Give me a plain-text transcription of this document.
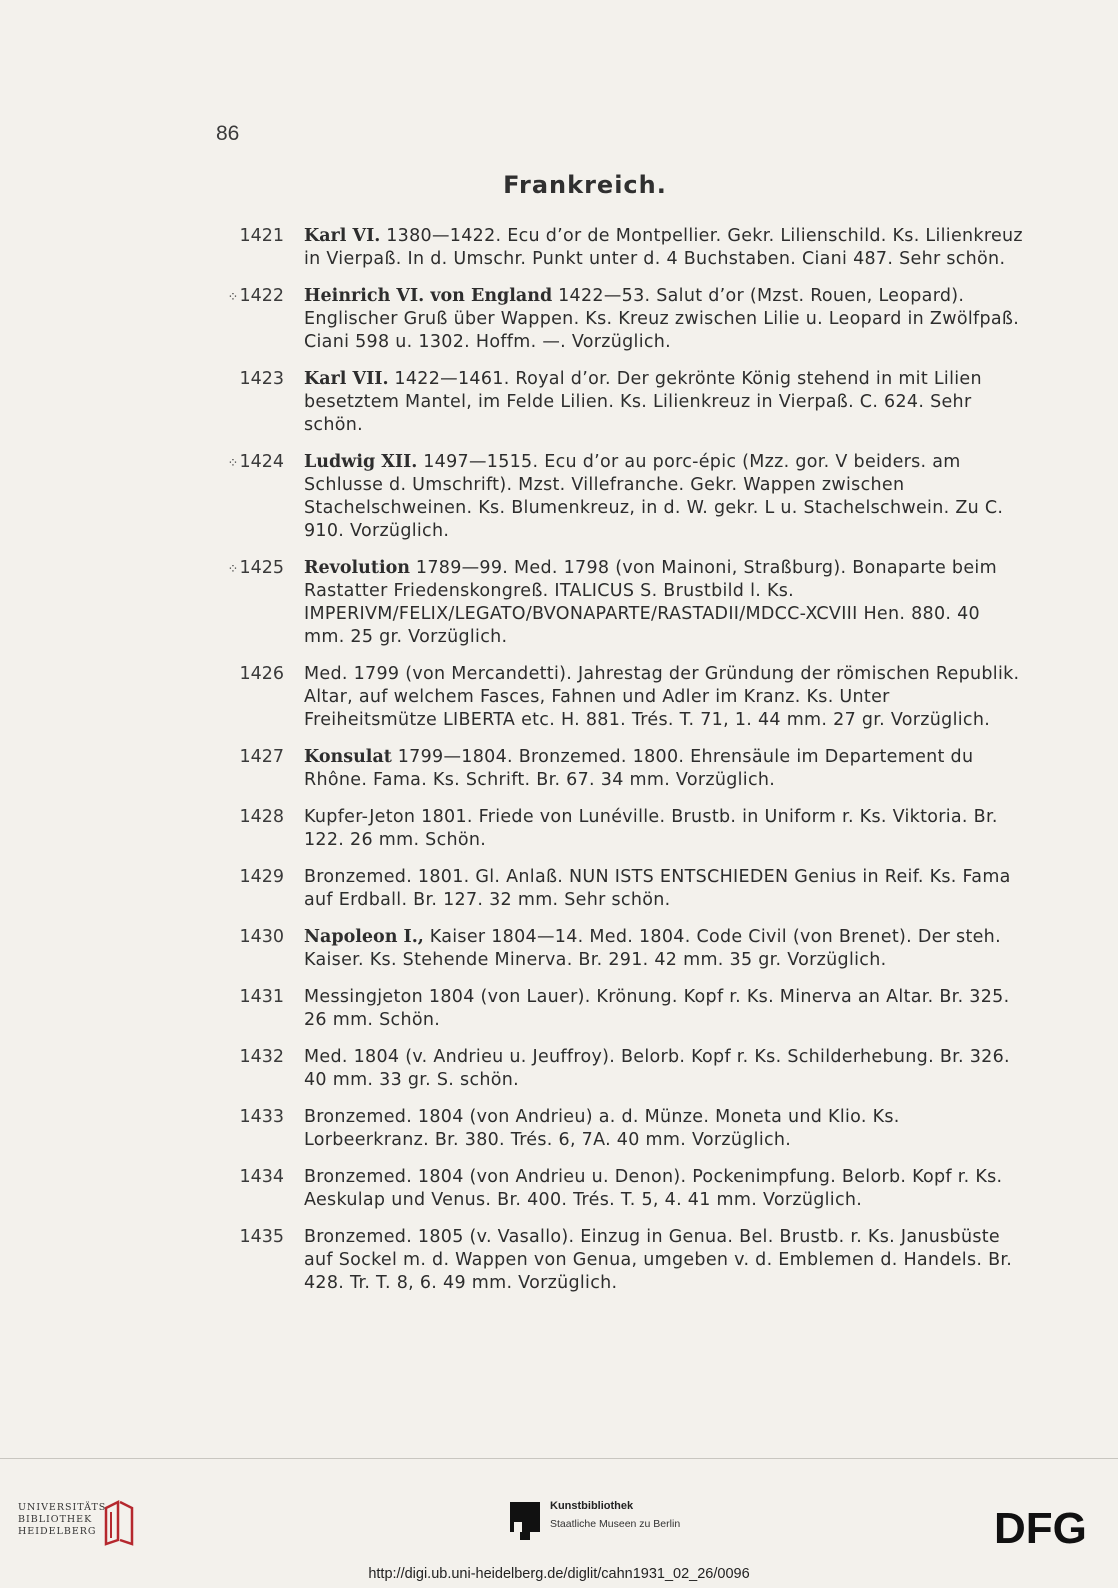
86
Frankreich.
1421 Karl VI. 1380—1422. Ecu d’or de Montpellier. Gekr. Lilienschild. Ks. Lilienkreuz in Vierpaß. In d. Umschr. Punkt unter d. 4 Buchstaben. Ciani 487. Sehr schön.
⁘1422 Heinrich VI. von England 1422—53. Salut d’or (Mzst. Rouen, Leopard). Englischer Gruß über Wappen. Ks. Kreuz zwischen Lilie u. Leopard in Zwölfpaß. Ciani 598 u. 1302. Hoffm. —. Vorzüglich.
1423 Karl VII. 1422—1461. Royal d’or. Der gekrönte König stehend in mit Lilien besetztem Mantel, im Felde Lilien. Ks. Lilienkreuz in Vierpaß. C. 624. Sehr schön.
⁘1424 Ludwig XII. 1497—1515. Ecu d’or au porc-épic (Mzz. gor. V beiders. am Schlusse d. Umschrift). Mzst. Villefranche. Gekr. Wappen zwischen Stachelschweinen. Ks. Blumenkreuz, in d. W. gekr. L u. Stachelschwein. Zu C. 910. Vorzüglich.
⁘1425 Revolution 1789—99. Med. 1798 (von Mainoni, Straßburg). Bonaparte beim Rastatter Friedenskongreß. ITALICUS S. Brustbild l. Ks. IMPERIVM/FELIX/LEGATO/BVONAPARTE/RASTADII/MDCC-XCVIII Hen. 880. 40 mm. 25 gr. Vorzüglich.
1426 Med. 1799 (von Mercandetti). Jahrestag der Gründung der römischen Republik. Altar, auf welchem Fasces, Fahnen und Adler im Kranz. Ks. Unter Freiheitsmütze LIBERTA etc. H. 881. Trés. T. 71, 1. 44 mm. 27 gr. Vorzüglich.
1427 Konsulat 1799—1804. Bronzemed. 1800. Ehrensäule im Departement du Rhône. Fama. Ks. Schrift. Br. 67. 34 mm. Vorzüglich.
1428 Kupfer-Jeton 1801. Friede von Lunéville. Brustb. in Uniform r. Ks. Viktoria. Br. 122. 26 mm. Schön.
1429 Bronzemed. 1801. Gl. Anlaß. NUN ISTS ENTSCHIEDEN Genius in Reif. Ks. Fama auf Erdball. Br. 127. 32 mm. Sehr schön.
1430 Napoleon I., Kaiser 1804—14. Med. 1804. Code Civil (von Brenet). Der steh. Kaiser. Ks. Stehende Minerva. Br. 291. 42 mm. 35 gr. Vorzüglich.
1431 Messingjeton 1804 (von Lauer). Krönung. Kopf r. Ks. Minerva an Altar. Br. 325. 26 mm. Schön.
1432 Med. 1804 (v. Andrieu u. Jeuffroy). Belorb. Kopf r. Ks. Schilderhebung. Br. 326. 40 mm. 33 gr. S. schön.
1433 Bronzemed. 1804 (von Andrieu) a. d. Münze. Moneta und Klio. Ks. Lorbeerkranz. Br. 380. Trés. 6, 7A. 40 mm. Vorzüglich.
1434 Bronzemed. 1804 (von Andrieu u. Denon). Pockenimpfung. Belorb. Kopf r. Ks. Aeskulap und Venus. Br. 400. Trés. T. 5, 4. 41 mm. Vorzüglich.
1435 Bronzemed. 1805 (v. Vasallo). Einzug in Genua. Bel. Brustb. r. Ks. Janusbüste auf Sockel m. d. Wappen von Genua, umgeben v. d. Emblemen d. Handels. Br. 428. Tr. T. 8, 6. 49 mm. Vorzüglich.
UNIVERSITÄTS-
BIBLIOTHEK
HEIDELBERG
Kunstbibliothek
Staatliche Museen zu Berlin	DFG
http://digi.ub.uni-heidelberg.de/diglit/cahn1931_02_26/0096
